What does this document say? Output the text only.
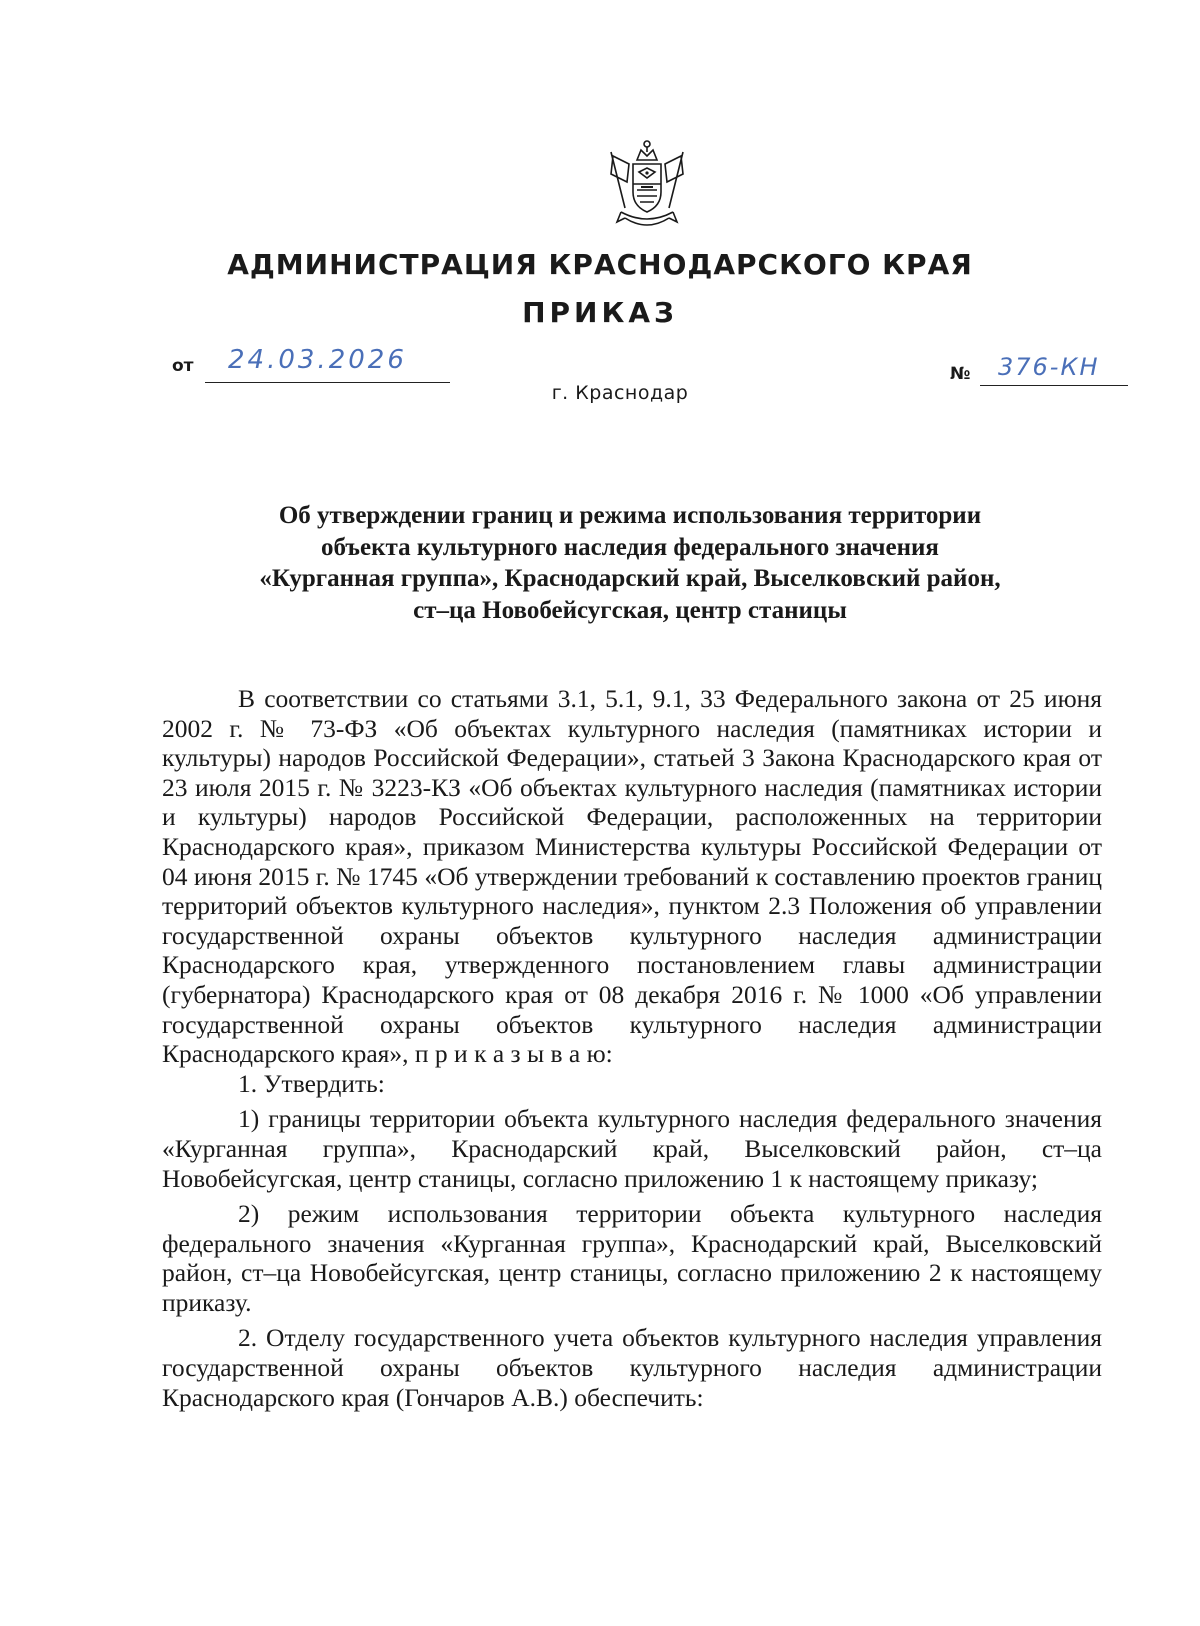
АДМИНИСТРАЦИЯ КРАСНОДАРСКОГО КРАЯ
ПРИКАЗ
от 24.03.2026	№ 376-КН
г. Краснодар
Об утверждении границ и режима использования территории
объекта культурного наследия федерального значения
«Курганная группа», Краснодарский край, Выселковский район,
ст–ца Новобейсугская, центр станицы

В соответствии со статьями 3.1, 5.1, 9.1, 33 Федерального закона от 25 июня 2002 г. № 73-ФЗ «Об объектах культурного наследия (памятниках истории и культуры) народов Российской Федерации», статьей 3 Закона Краснодарского края от 23 июля 2015 г. № 3223-КЗ «Об объектах культурного наследия (памятниках истории и культуры) народов Российской Федерации, расположенных на территории Краснодарского края», приказом Министерства культуры Российской Федерации от 04 июня 2015 г. № 1745 «Об утверждении требований к составлению проектов границ территорий объектов культурного наследия», пунктом 2.3 Положения об управлении государственной охраны объектов культурного наследия администрации Краснодарского края, утвержденного постановлением главы администрации (губернатора) Краснодарского края от 08 декабря 2016 г. № 1000 «Об управлении государственной охраны объектов культурного наследия администрации Краснодарского края», п р и к а з ы в а ю:

1. Утвердить:

1) границы территории объекта культурного наследия федерального значения «Курганная группа», Краснодарский край, Выселковский район, ст–ца Новобейсугская, центр станицы, согласно приложению 1 к настоящему приказу;

2) режим использования территории объекта культурного наследия федерального значения «Курганная группа», Краснодарский край, Выселковский район, ст–ца Новобейсугская, центр станицы, согласно приложению 2 к настоящему приказу.

2. Отделу государственного учета объектов культурного наследия управления государственной охраны объектов культурного наследия администрации Краснодарского края (Гончаров А.В.) обеспечить:
